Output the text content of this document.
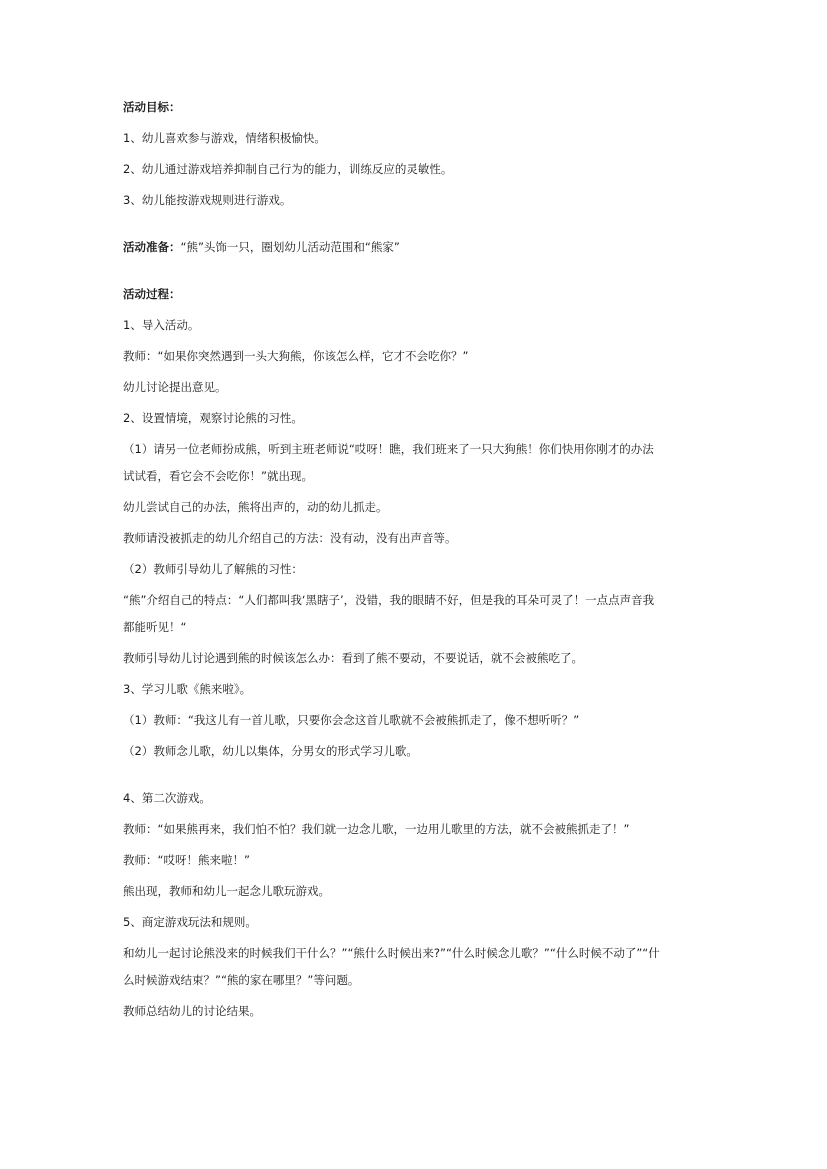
活动目标：
1、幼儿喜欢参与游戏，情绪积极愉快。
2、幼儿通过游戏培养抑制自己行为的能力，训练反应的灵敏性。
3、幼儿能按游戏规则进行游戏。
活动准备：“熊”头饰一只，圈划幼儿活动范围和“熊家”
活动过程：
1、导入活动。
教师：“如果你突然遇到一头大狗熊，你该怎么样，它才不会吃你？”
幼儿讨论提出意见。
2、设置情境，观察讨论熊的习性。
（1）请另一位老师扮成熊，听到主班老师说“哎呀！瞧，我们班来了一只大狗熊！你们快用你刚才的办法
试试看，看它会不会吃你！”就出现。
幼儿尝试自己的办法，熊将出声的，动的幼儿抓走。
教师请没被抓走的幼儿介绍自己的方法：没有动，没有出声音等。
（2）教师引导幼儿了解熊的习性：
“熊”介绍自己的特点：“人们都叫我‘黑瞎子’，没错，我的眼睛不好，但是我的耳朵可灵了！一点点声音我
都能听见！“
教师引导幼儿讨论遇到熊的时候该怎么办：看到了熊不要动，不要说话，就不会被熊吃了。
3、学习儿歌《熊来啦》。
（1）教师：“我这儿有一首儿歌，只要你会念这首儿歌就不会被熊抓走了，像不想听听？”
（2）教师念儿歌，幼儿以集体，分男女的形式学习儿歌。
4、第二次游戏。
教师：“如果熊再来，我们怕不怕？我们就一边念儿歌，一边用儿歌里的方法，就不会被熊抓走了！”
教师：“哎呀！熊来啦！”
熊出现，教师和幼儿一起念儿歌玩游戏。
5、商定游戏玩法和规则。
和幼儿一起讨论熊没来的时候我们干什么？”“熊什么时候出来?”“什么时候念儿歌？”“什么时候不动了”“什
么时候游戏结束？”“熊的家在哪里？”等问题。
教师总结幼儿的讨论结果。
